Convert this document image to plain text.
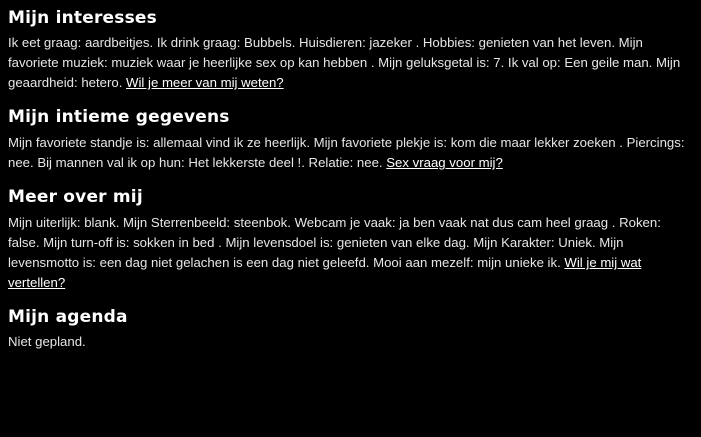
Mijn interesses
Ik eet graag: aardbeitjes. Ik drink graag: Bubbels. Huisdieren: jazeker . Hobbies: genieten van het leven. Mijn favoriete muziek: muziek waar je heerlijke sex op kan hebben . Mijn geluksgetal is: 7. Ik val op: Een geile man. Mijn geaardheid: hetero. Wil je meer van mij weten?
Mijn intieme gegevens
Mijn favoriete standje is: allemaal vind ik ze heerlijk. Mijn favoriete plekje is: kom die maar lekker zoeken . Piercings: nee. Bij mannen val ik op hun: Het lekkerste deel !. Relatie: nee. Sex vraag voor mij?
Meer over mij
Mijn uiterlijk: blank. Mijn Sterrenbeeld: steenbok. Webcam je vaak: ja ben vaak nat dus cam heel graag . Roken: false. Mijn turn-off is: sokken in bed . Mijn levensdoel is: genieten van elke dag. Mijn Karakter: Uniek. Mijn levensmotto is: een dag niet gelachen is een dag niet geleefd. Mooi aan mezelf: mijn unieke ik. Wil je mij wat vertellen?
Mijn agenda
Niet gepland.
